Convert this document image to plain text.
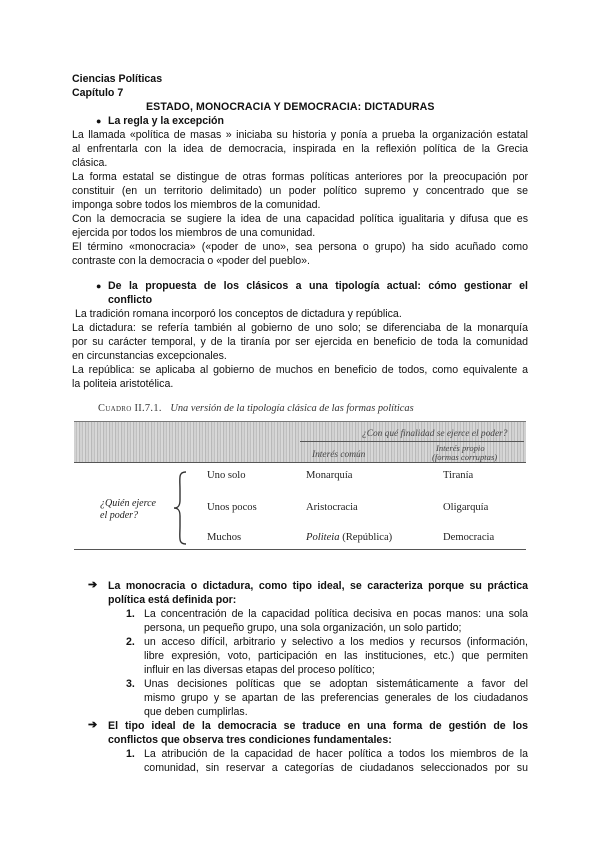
Ciencias Políticas
Capítulo 7
ESTADO, MONOCRACIA Y DEMOCRACIA: DICTADURAS
● La regla y la excepción
La llamada «política de masas » iniciaba su historia y ponía a prueba la organización estatal
al enfrentarla con la idea de democracia, inspirada en la reflexión política de la Grecia
clásica.
La forma estatal se distingue de otras formas políticas anteriores por la preocupación por
constituir (en un territorio delimitado) un poder político supremo y concentrado que se
imponga sobre todos los miembros de la comunidad.
Con la democracia se sugiere la idea de una capacidad política igualitaria y difusa que es
ejercida por todos los miembros de una comunidad.
El término «monocracia» («poder de uno», sea persona o grupo) ha sido acuñado como
contraste con la democracia o «poder del pueblo».
● De la propuesta de los clásicos a una tipología actual: cómo gestionar el
conflicto
La tradición romana incorporó los conceptos de dictadura y república.
La dictadura: se refería también al gobierno de uno solo; se diferenciaba de la monarquía
por su carácter temporal, y de la tiranía por ser ejercida en beneficio de toda la comunidad
en circunstancias excepcionales.
La república: se aplicaba al gobierno de muchos en beneficio de todos, como equivalente a
la politeia aristotélica.
Cuadro II.7.1. Una versión de la tipología clásica de las formas políticas
¿Con qué finalidad se ejerce el poder?
Interés común
Interés propio
(formas corruptas)
¿Quién ejerce
el poder?
Uno solo	Monarquía	Tiranía
Unos pocos	Aristocracia	Oligarquía
Muchos	Politeia (República)	Democracia
➔ La monocracia o dictadura, como tipo ideal, se caracteriza porque su práctica
política está definida por:
1. La concentración de la capacidad política decisiva en pocas manos: una sola
persona, un pequeño grupo, una sola organización, un solo partido;
2. un acceso difícil, arbitrario y selectivo a los medios y recursos (información,
libre expresión, voto, participación en las instituciones, etc.) que permiten
influir en las diversas etapas del proceso político;
3. Unas decisiones políticas que se adoptan sistemáticamente a favor del
mismo grupo y se apartan de las preferencias generales de los ciudadanos
que deben cumplirlas.
➔ El tipo ideal de la democracia se traduce en una forma de gestión de los
conflictos que observa tres condiciones fundamentales:
1. La atribución de la capacidad de hacer política a todos los miembros de la
comunidad, sin reservar a categorías de ciudadanos seleccionados por su
